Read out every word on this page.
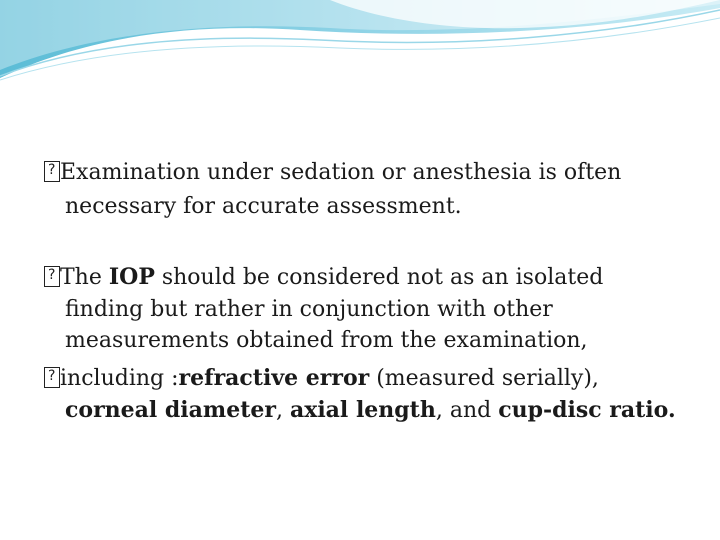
?Examination under sedation or anesthesia is often
necessary for accurate assessment.
?The IOP should be considered not as an isolated
finding but rather in conjunction with other
measurements obtained from the examination,
?including :refractive error (measured serially),
corneal diameter, axial length, and cup-disc ratio.
